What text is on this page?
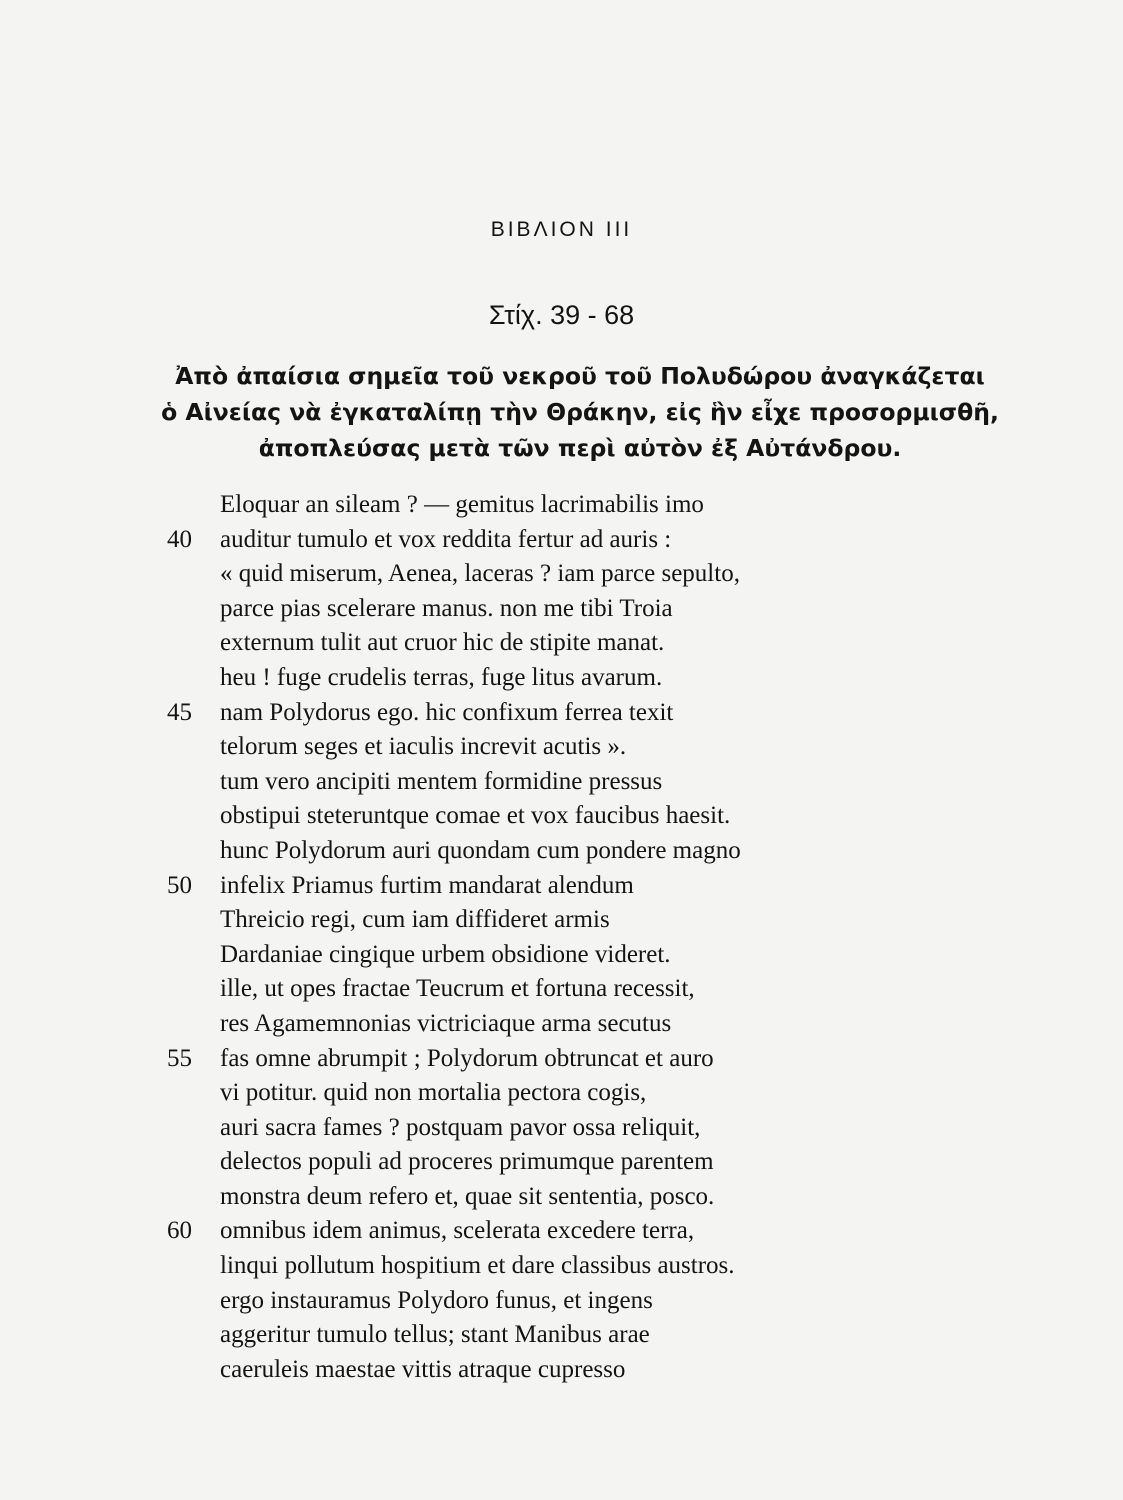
ΒΙΒΛΙΟΝ ΙΙΙ
Στίχ. 39 - 68
Ἀπὸ ἀπαίσια σημεῖα τοῦ νεκροῦ τοῦ Πολυδώρου ἀναγκάζεται
ὁ Αἰνείας νὰ ἐγκαταλίπῃ τὴν Θράκην, εἰς ἣν εἶχε προσορμισθῆ,
ἀποπλεύσας μετὰ τῶν περὶ αὐτὸν ἐξ Αὐτάνδρου.
Eloquar an sileam ? — gemitus lacrimabilis imo
40 auditur tumulo et vox reddita fertur ad auris :
« quid miserum, Aenea, laceras ? iam parce sepulto,
parce pias scelerare manus. non me tibi Troia
externum tulit aut cruor hic de stipite manat.
heu ! fuge crudelis terras, fuge litus avarum.
45 nam Polydorus ego. hic confixum ferrea texit
telorum seges et iaculis increvit acutis ».
tum vero ancipiti mentem formidine pressus
obstipui steteruntque comae et vox faucibus haesit.
hunc Polydorum auri quondam cum pondere magno
50 infelix Priamus furtim mandarat alendum
Threicio regi, cum iam diffideret armis
Dardaniae cingique urbem obsidione videret.
ille, ut opes fractae Teucrum et fortuna recessit,
res Agamemnonias victriciaque arma secutus
55 fas omne abrumpit ; Polydorum obtruncat et auro
vi potitur. quid non mortalia pectora cogis,
auri sacra fames ? postquam pavor ossa reliquit,
delectos populi ad proceres primumque parentem
monstra deum refero et, quae sit sententia, posco.
60 omnibus idem animus, scelerata excedere terra,
linqui pollutum hospitium et dare classibus austros.
ergo instauramus Polydoro funus, et ingens
aggeritur tumulo tellus; stant Manibus arae
caeruleis maestae vittis atraque cupresso
